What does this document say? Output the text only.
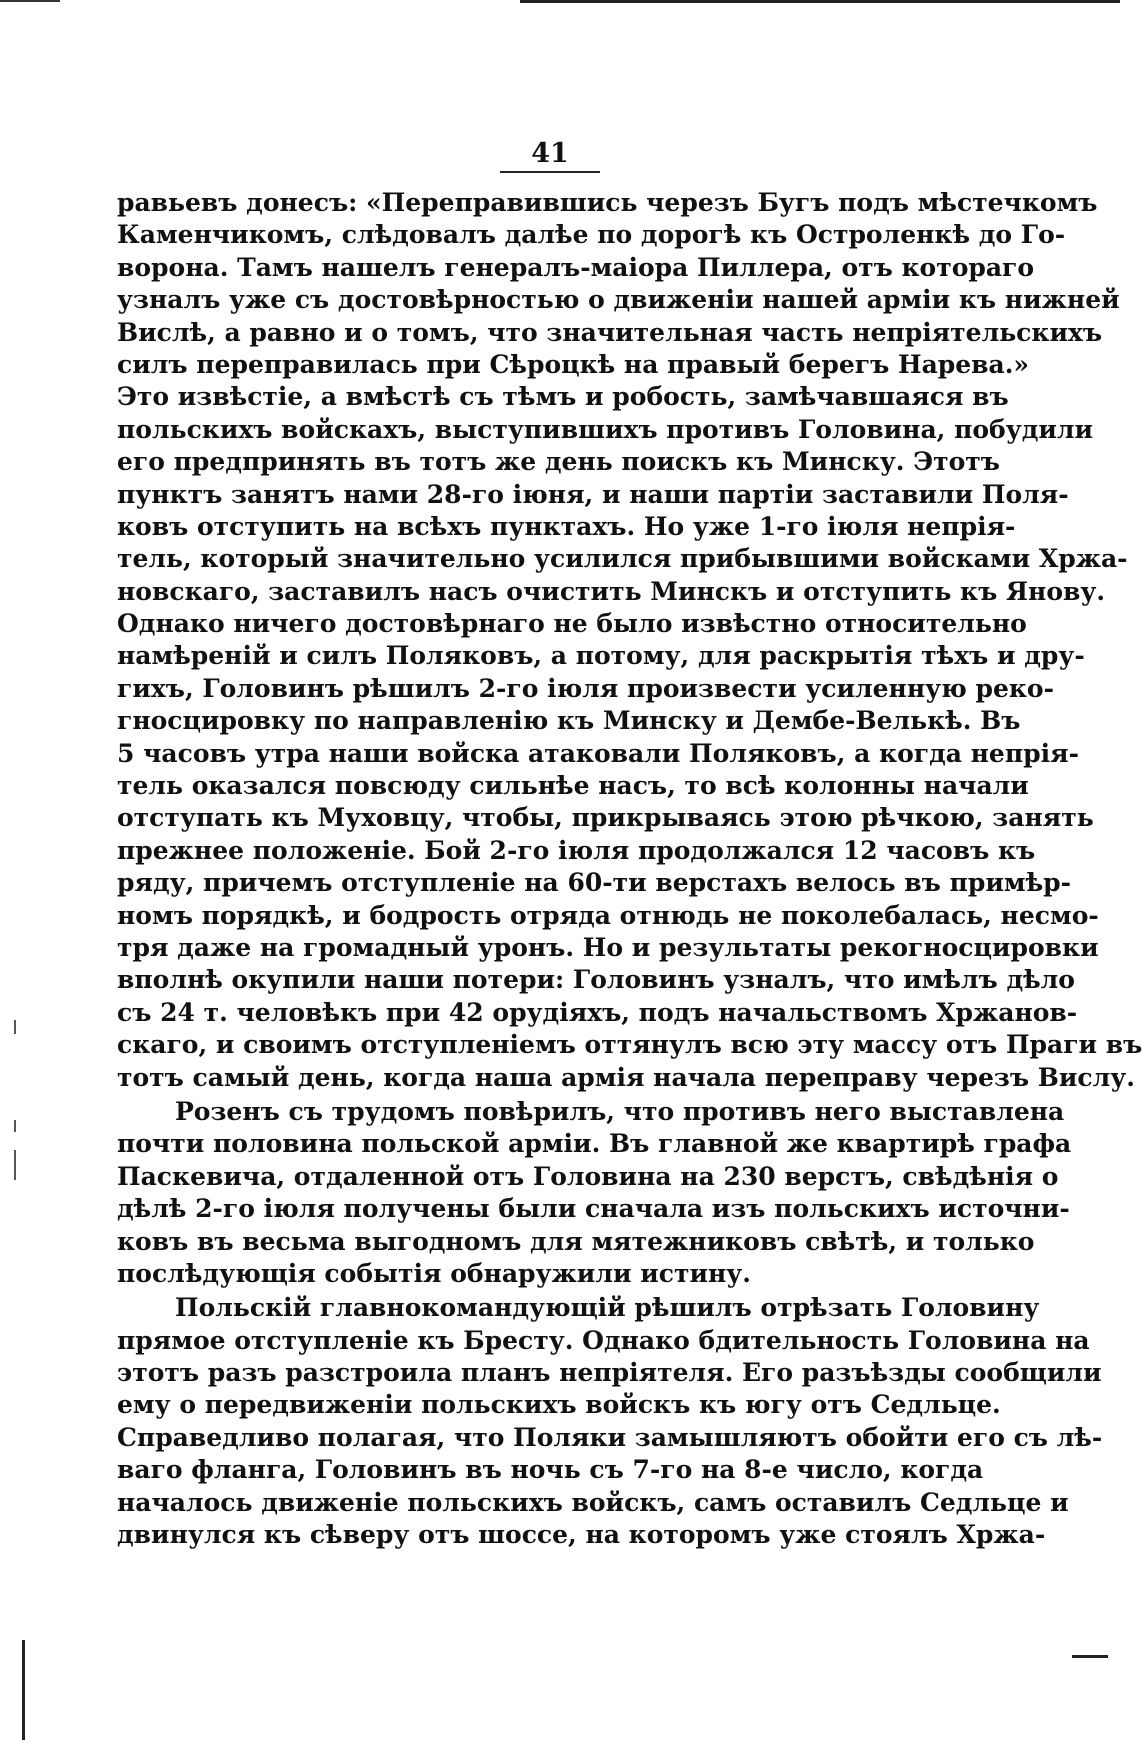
41
равьевъ донесъ: «Переправившись черезъ Бугъ подъ мѣстечкомъ
Каменчикомъ, слѣдовалъ далѣе по дорогѣ къ Остроленкѣ до Го-
ворона. Тамъ нашелъ генералъ-маіора Пиллера, отъ котораго
узналъ уже съ достовѣрностью о движеніи нашей арміи къ нижней
Вислѣ, а равно и о томъ, что значительная часть непріятельскихъ
силъ переправилась при Сѣроцкѣ на правый берегъ Нарева.»
Это извѣстіе, а вмѣстѣ съ тѣмъ и робость, замѣчавшаяся въ
польскихъ войскахъ, выступившихъ противъ Головина, побудили
его предпринять въ тотъ же день поискъ къ Минску. Этотъ
пунктъ занятъ нами 28-го іюня, и наши партіи заставили Поля-
ковъ отступить на всѣхъ пунктахъ. Но уже 1-го іюля непрія-
тель, который значительно усилился прибывшими войсками Хржа-
новскаго, заставилъ насъ очистить Минскъ и отступить къ Янову.
Однако ничего достовѣрнаго не было извѣстно относительно
намѣреній и силъ Поляковъ, а потому, для раскрытія тѣхъ и дру-
гихъ, Головинъ рѣшилъ 2-го іюля произвести усиленную реко-
гносцировку по направленію къ Минску и Дембе-Велькѣ. Въ
5 часовъ утра наши войска атаковали Поляковъ, а когда непрія-
тель оказался повсюду сильнѣе насъ, то всѣ колонны начали
отступать къ Муховцу, чтобы, прикрываясь этою рѣчкою, занять
прежнее положеніе. Бой 2-го іюля продолжался 12 часовъ къ
ряду, причемъ отступленіе на 60-ти верстахъ велось въ примѣр-
номъ порядкѣ, и бодрость отряда отнюдь не поколебалась, несмо-
тря даже на громадный уронъ. Но и результаты рекогносцировки
вполнѣ окупили наши потери: Головинъ узналъ, что имѣлъ дѣло
съ 24 т. человѣкъ при 42 орудіяхъ, подъ начальствомъ Хржанов-
скаго, и своимъ отступленіемъ оттянулъ всю эту массу отъ Праги въ
тотъ самый день, когда наша армія начала переправу черезъ Вислу.
Розенъ съ трудомъ повѣрилъ, что противъ него выставлена
почти половина польской арміи. Въ главной же квартирѣ графа
Паскевича, отдаленной отъ Головина на 230 верстъ, свѣдѣнія о
дѣлѣ 2-го іюля получены были сначала изъ польскихъ источни-
ковъ въ весьма выгодномъ для мятежниковъ свѣтѣ, и только
послѣдующія событія обнаружили истину.
Польскій главнокомандующій рѣшилъ отрѣзать Головину
прямое отступленіе къ Бресту. Однако бдительность Головина на
этотъ разъ разстроила планъ непріятеля. Его разъѣзды сообщили
ему о передвиженіи польскихъ войскъ къ югу отъ Седльце.
Справедливо полагая, что Поляки замышляютъ обойти его съ лѣ-
ваго фланга, Головинъ въ ночь съ 7-го на 8-е число, когда
началось движеніе польскихъ войскъ, самъ оставилъ Седльце и
двинулся къ сѣверу отъ шоссе, на которомъ уже стоялъ Хржа-
